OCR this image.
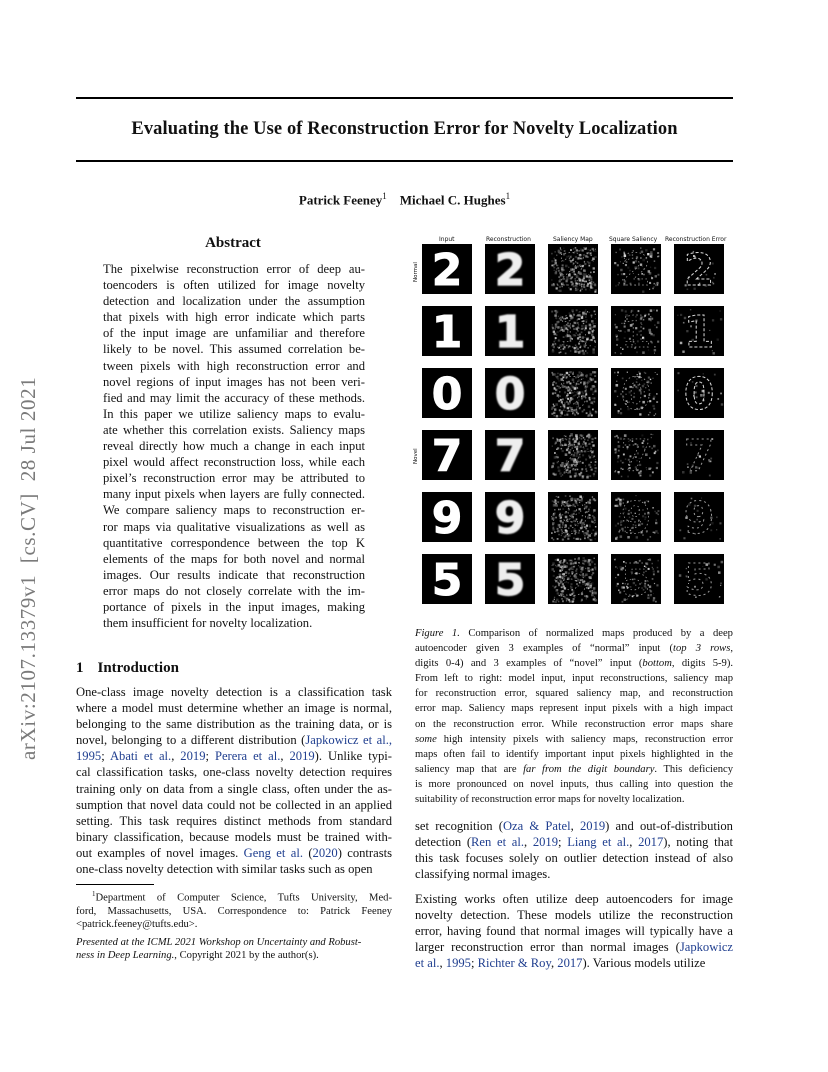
Evaluating the Use of Reconstruction Error for Novelty Localization
Patrick Feeney$^1$ Michael C. Hughes$^1$
arXiv:2107.13379v1  [cs.CV]  28 Jul 2021
Abstract
The pixelwise reconstruction error of deep au-
toencoders is often utilized for image novelty
detection and localization under the assumption
that pixels with high error indicate which parts
of the input image are unfamiliar and therefore
likely to be novel. This assumed correlation be-
tween pixels with high reconstruction error and
novel regions of input images has not been veri-
fied and may limit the accuracy of these methods.
In this paper we utilize saliency maps to evalu-
ate whether this correlation exists. Saliency maps
reveal directly how much a change in each input
pixel would affect reconstruction loss, while each
pixel’s reconstruction error may be attributed to
many input pixels when layers are fully connected.
We compare saliency maps to reconstruction er-
ror maps via qualitative visualizations as well as
quantitative correspondence between the top K
elements of the maps for both novel and normal
images. Our results indicate that reconstruction
error maps do not closely correlate with the im-
portance of pixels in the input images, making
them insufficient for novelty localization.
1 Introduction
One-class image novelty detection is a classification task
where a model must determine whether an image is normal,
belonging to the same distribution as the training data, or is
novel, belonging to a different distribution (Japkowicz et al.,
1995; Abati et al., 2019; Perera et al., 2019). Unlike typi-
cal classification tasks, one-class novelty detection requires
training only on data from a single class, often under the as-
sumption that novel data could not be collected in an applied
setting. This task requires distinct methods from standard
binary classification, because models must be trained with-
out examples of novel images. Geng et al. (2020) contrasts
one-class novelty detection with similar tasks such as open
$^1$Department of Computer Science, Tufts University, Med-
ford, Massachusetts, USA. Correspondence to: Patrick Feeney
<patrick.feeney@tufts.edu>.
Presented at the ICML 2021 Workshop on Uncertainty and Robust-
ness in Deep Learning., Copyright 2021 by the author(s).
Input	Reconstruction	Saliency Map	Square Saliency Reconstruction Error
Normal
Novel
2 2 2 2 2
1 1 1 1 1
0 0 0 0 0
7 7 7 7 7
9 9 9 9 9
5 5 5 5 5
Figure 1. Comparison of normalized maps produced by a deep
autoencoder given 3 examples of “normal” input (top 3 rows,
digits 0-4) and 3 examples of “novel” input (bottom, digits 5-9).
From left to right: model input, input reconstructions, saliency map
for reconstruction error, squared saliency map, and reconstruction
error map. Saliency maps represent input pixels with a high impact
on the reconstruction error. While reconstruction error maps share
some high intensity pixels with saliency maps, reconstruction error
maps often fail to identify important input pixels highlighted in the
saliency map that are far from the digit boundary. This deficiency
is more pronounced on novel inputs, thus calling into question the
suitability of reconstruction error maps for novelty localization.
set recognition (Oza & Patel, 2019) and out-of-distribution
detection (Ren et al., 2019; Liang et al., 2017), noting that
this task focuses solely on outlier detection instead of also
classifying normal images.
Existing works often utilize deep autoencoders for image
novelty detection. These models utilize the reconstruction
error, having found that normal images will typically have a
larger reconstruction error than normal images (Japkowicz
et al., 1995; Richter & Roy, 2017). Various models utilize
